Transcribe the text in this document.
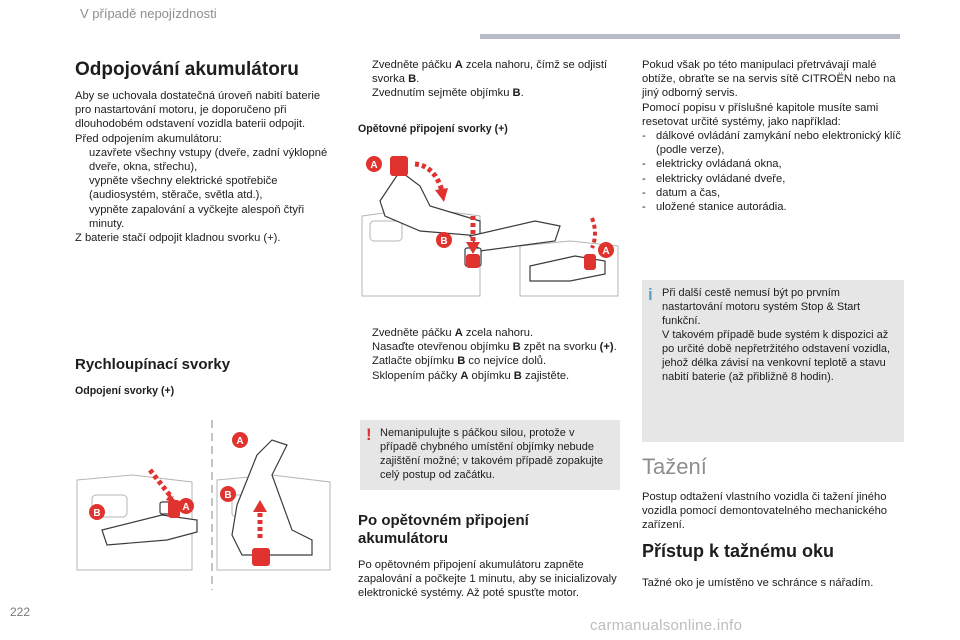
V případě nepojízdnosti
Odpojování akumulátoru

Aby se uchovala dostatečná úroveň nabití baterie pro nastartování motoru, je doporučeno při dlouhodobém odstavení vozidla baterii odpojit.

Před odpojením akumulátoru:

uzavřete všechny vstupy (dveře, zadní výklopné dveře, okna, střechu),
vypněte všechny elektrické spotřebiče (audiosystém, stěrače, světla atd.),
vypněte zapalování a vyčkejte alespoň čtyři minuty.

Z baterie stačí odpojit kladnou svorku (+).

Rychloupínací svorky
Odpojení svorky (+)
A
B
A
B
Zvedněte páčku A zcela nahoru, čímž se odjistí svorka B.
Zvednutím sejměte objímku B.
Opětovné připojení svorky (+)
A
B
A
Zvedněte páčku A zcela nahoru.
Nasaďte otevřenou objímku B zpět na svorku (+).
Zatlačte objímku B co nejvíce dolů.
Sklopením páčky A objímku B zajistěte.
! Nemanipulujte s páčkou silou, protože v případě chybného umístění objímky nebude zajištění možné; v takovém případě zopakujte celý postup od začátku.
Po opětovném připojení akumulátoru

Po opětovném připojení akumulátoru zapněte zapalování a počkejte 1 minutu, aby se inicializovaly elektronické systémy. Až poté spusťte motor.

Pokud však po této manipulaci přetrvávají malé obtíže, obraťte se na servis sítě CITROËN nebo na jiný odborný servis.

Pomocí popisu v příslušné kapitole musíte sami resetovat určité systémy, jako například:

- dálkové ovládání zamykání nebo elektronický klíč (podle verze),
- elektricky ovládaná okna,
- elektricky ovládané dveře,
- datum a čas,
- uložené stanice autorádia.
i Při další cestě nemusí být po prvním nastartování motoru systém Stop & Start funkční.
V takovém případě bude systém k dispozici až po určité době nepřetržitého odstavení vozidla, jehož délka závisí na venkovní teplotě a stavu nabití baterie (až přibližně 8 hodin).
Tažení

Postup odtažení vlastního vozidla či tažení jiného vozidla pomocí demontovatelného mechanického zařízení.

Přístup k tažnému oku

Tažné oko je umístěno ve schránce s nářadím.

222
carmanualsonline.info
